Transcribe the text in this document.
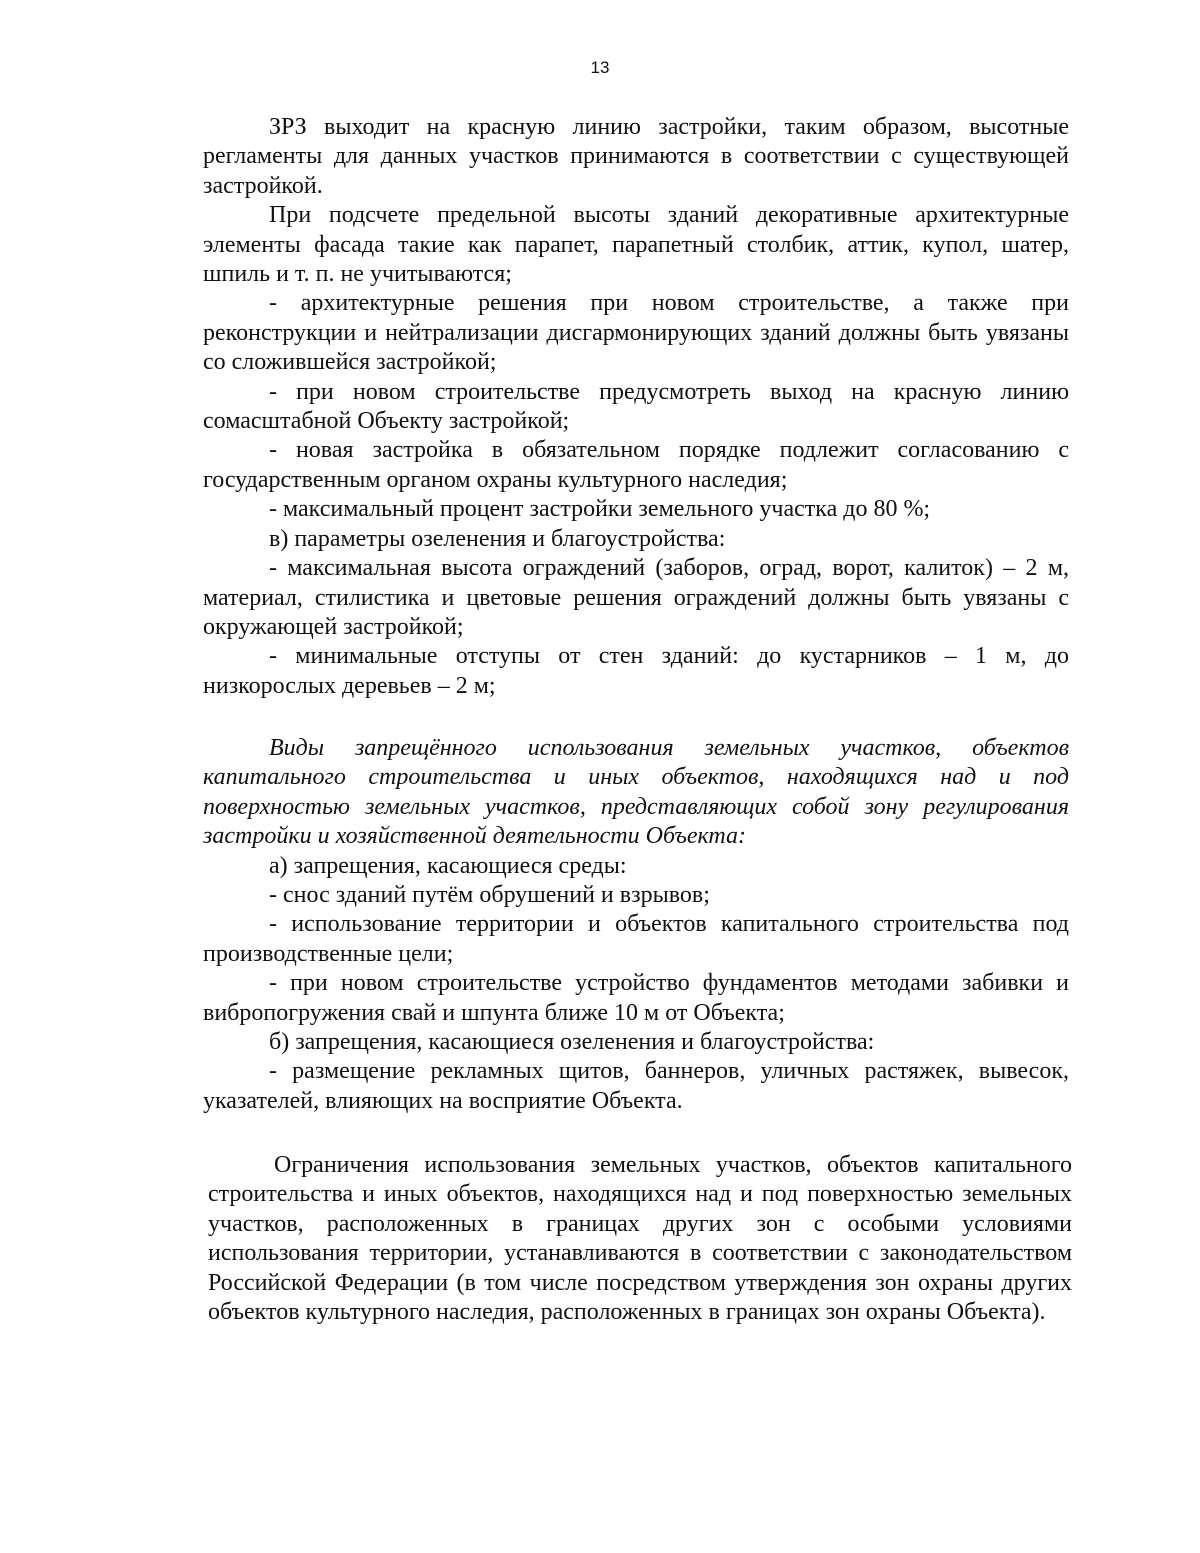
13

ЗРЗ выходит на красную линию застройки, таким образом, высотные регламенты для данных участков принимаются в соответствии с существующей застройкой.

При подсчете предельной высоты зданий декоративные архитектурные элементы фасада такие как парапет, парапетный столбик, аттик, купол, шатер, шпиль и т. п. не учитываются;

- архитектурные решения при новом строительстве, а также при реконструкции и нейтрализации дисгармонирующих зданий должны быть увязаны со сложившейся застройкой;

- при новом строительстве предусмотреть выход на красную линию сомасштабной Объекту застройкой;

- новая застройка в обязательном порядке подлежит согласованию с государственным органом охраны культурного наследия;

- максимальный процент застройки земельного участка до 80 %;

в) параметры озеленения и благоустройства:

- максимальная высота ограждений (заборов, оград, ворот, калиток) – 2 м, материал, стилистика и цветовые решения ограждений должны быть увязаны с окружающей застройкой;

- минимальные отступы от стен зданий: до кустарников – 1 м, до низкорослых деревьев – 2 м;

Виды запрещённого использования земельных участков, объектов капитального строительства и иных объектов, находящихся над и под поверхностью земельных участков, представляющих собой зону регулирования застройки и хозяйственной деятельности Объекта:

а) запрещения, касающиеся среды:

- снос зданий путём обрушений и взрывов;

- использование территории и объектов капитального строительства под производственные цели;

- при новом строительстве устройство фундаментов методами забивки и вибропогружения свай и шпунта ближе 10 м от Объекта;

б) запрещения, касающиеся озеленения и благоустройства:

- размещение рекламных щитов, баннеров, уличных растяжек, вывесок, указателей, влияющих на восприятие Объекта.

Ограничения использования земельных участков, объектов капитального строительства и иных объектов, находящихся над и под поверхностью земельных участков, расположенных в границах других зон с особыми условиями использования территории, устанавливаются в соответствии с законодательством Российской Федерации (в том числе посредством утверждения зон охраны других объектов культурного наследия, расположенных в границах зон охраны Объекта).
